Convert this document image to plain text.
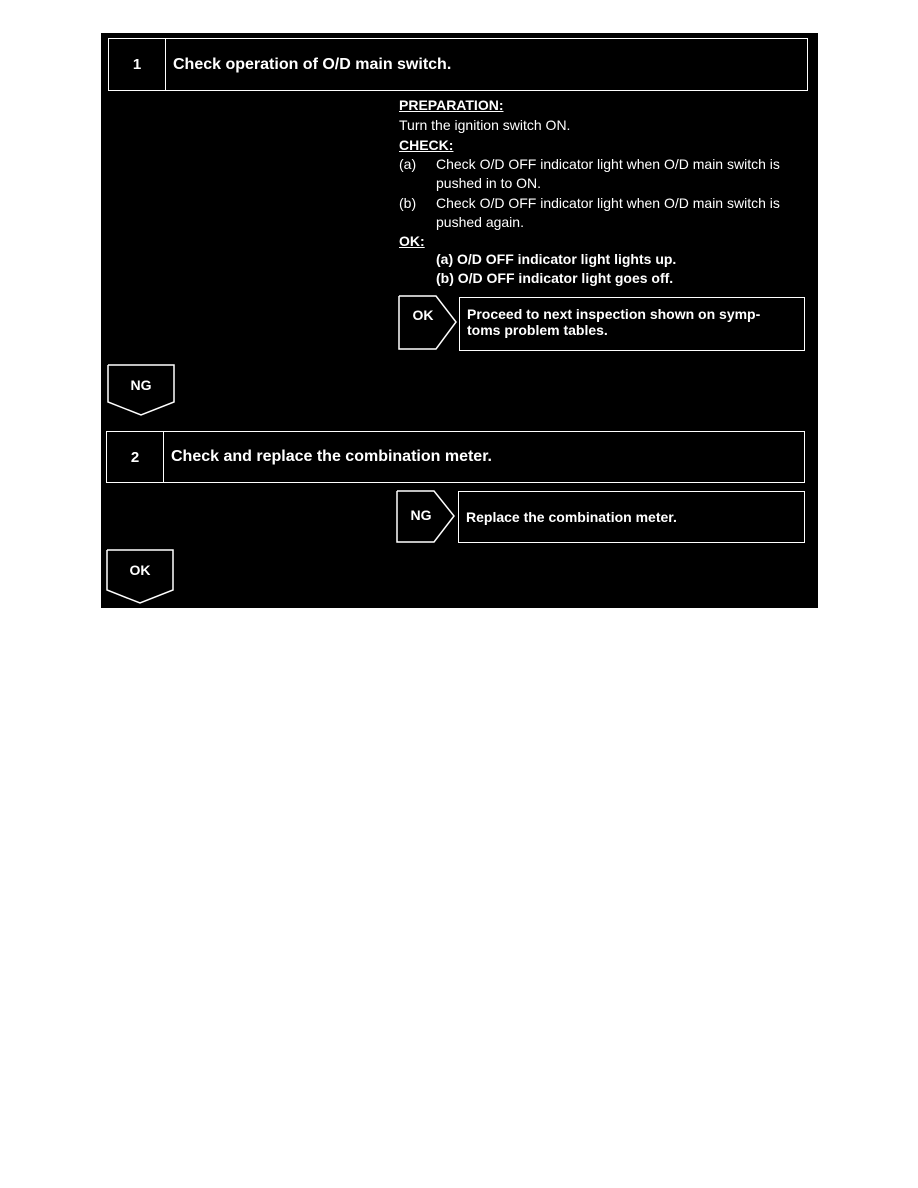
1	Check operation of O/D main switch.
PREPARATION:
Turn the ignition switch ON.
CHECK:
(a) Check O/D OFF indicator light when O/D main switch is
pushed in to ON.
(b) Check O/D OFF indicator light when O/D main switch is
pushed again.
OK:
(a) O/D OFF indicator light lights up.
(b) O/D OFF indicator light goes off.
OK	Proceed to next inspection shown on symp-
toms problem tables.
NG
2	Check and replace the combination meter.
NG	Replace the combination meter.
OK
